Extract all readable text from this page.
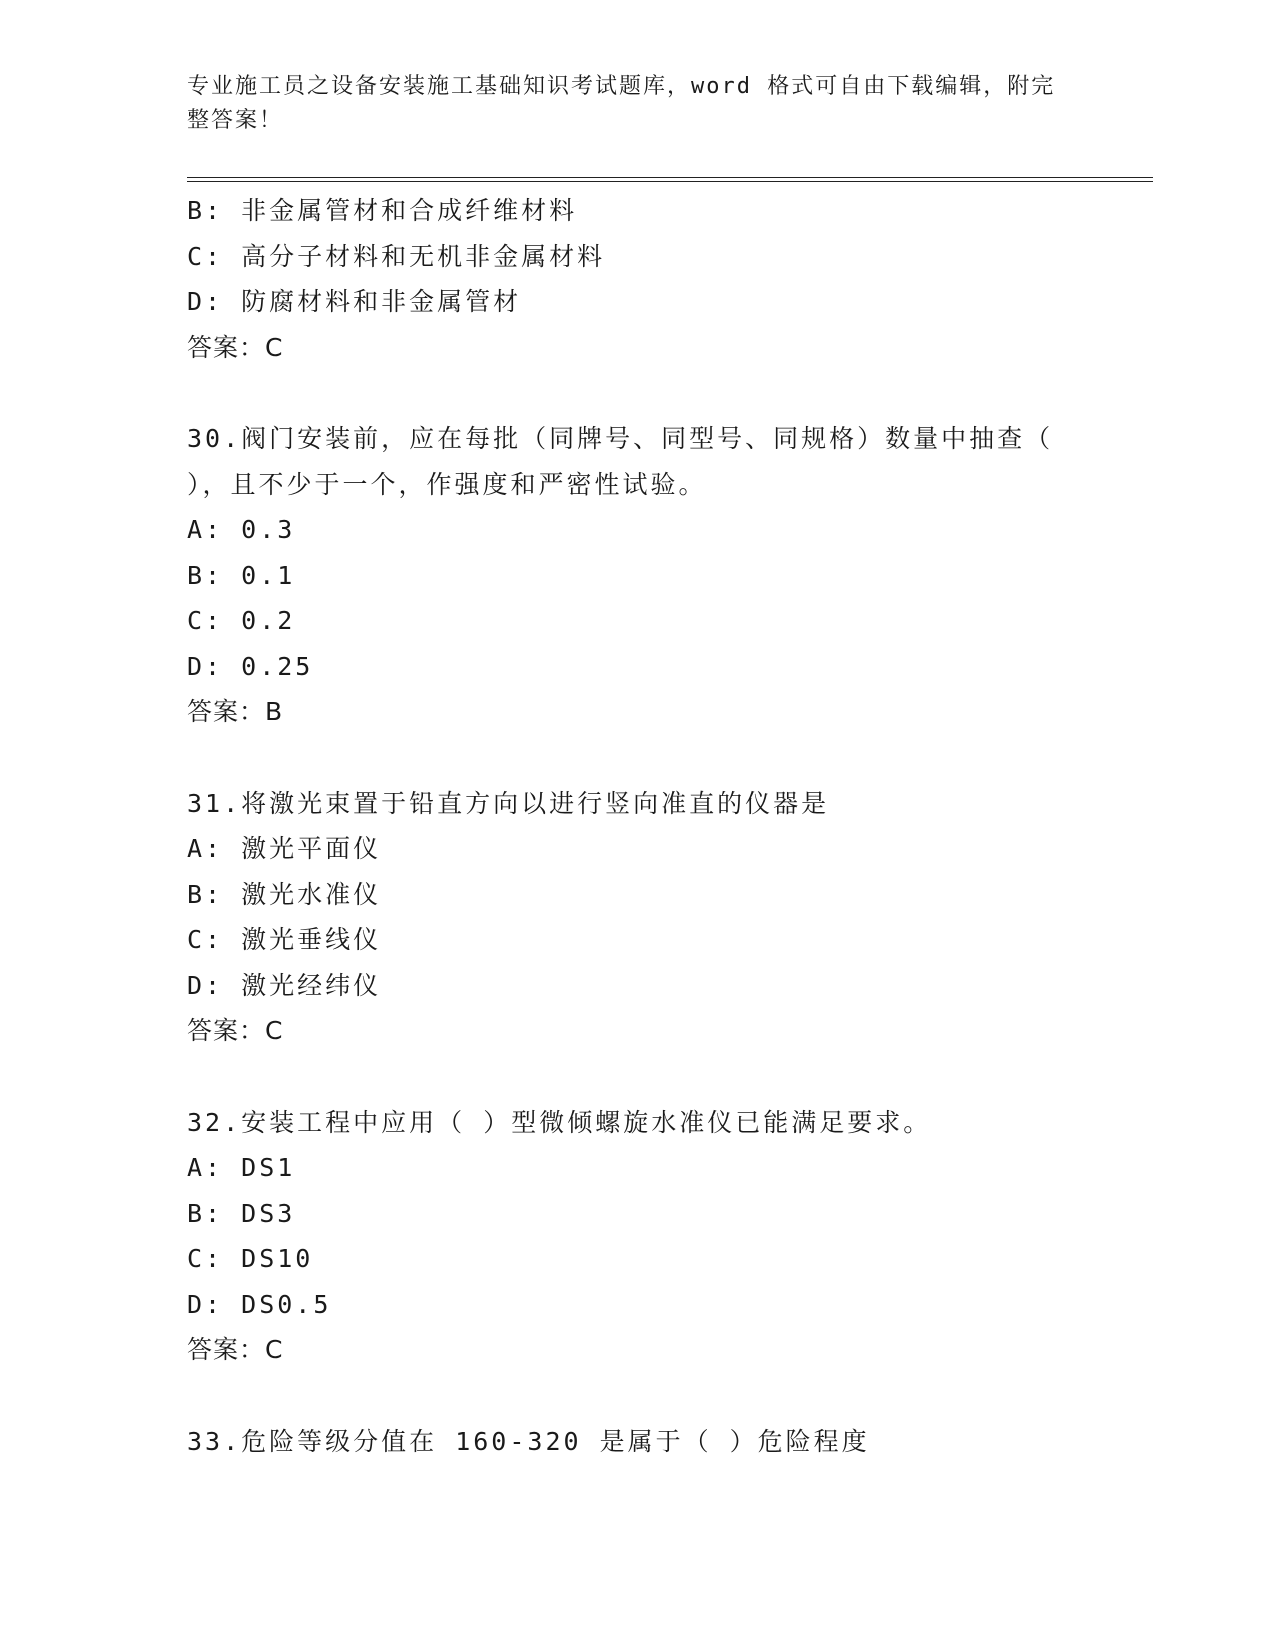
专业施工员之设备安装施工基础知识考试题库，word 格式可自由下载编辑，附完
整答案！
B: 非金属管材和合成纤维材料
C: 高分子材料和无机非金属材料
D: 防腐材料和非金属管材
答案：C
30.阀门安装前，应在每批（同牌号、同型号、同规格）数量中抽查（
），且不少于一个，作强度和严密性试验。
A: 0.3
B: 0.1
C: 0.2
D: 0.25
答案：B
31.将激光束置于铅直方向以进行竖向准直的仪器是
A: 激光平面仪
B: 激光水准仪
C: 激光垂线仪
D: 激光经纬仪
答案：C
32.安装工程中应用（ ）型微倾螺旋水准仪已能满足要求。
A: DS1
B: DS3
C: DS10
D: DS0.5
答案：C
33.危险等级分值在 160-320 是属于（ ）危险程度
